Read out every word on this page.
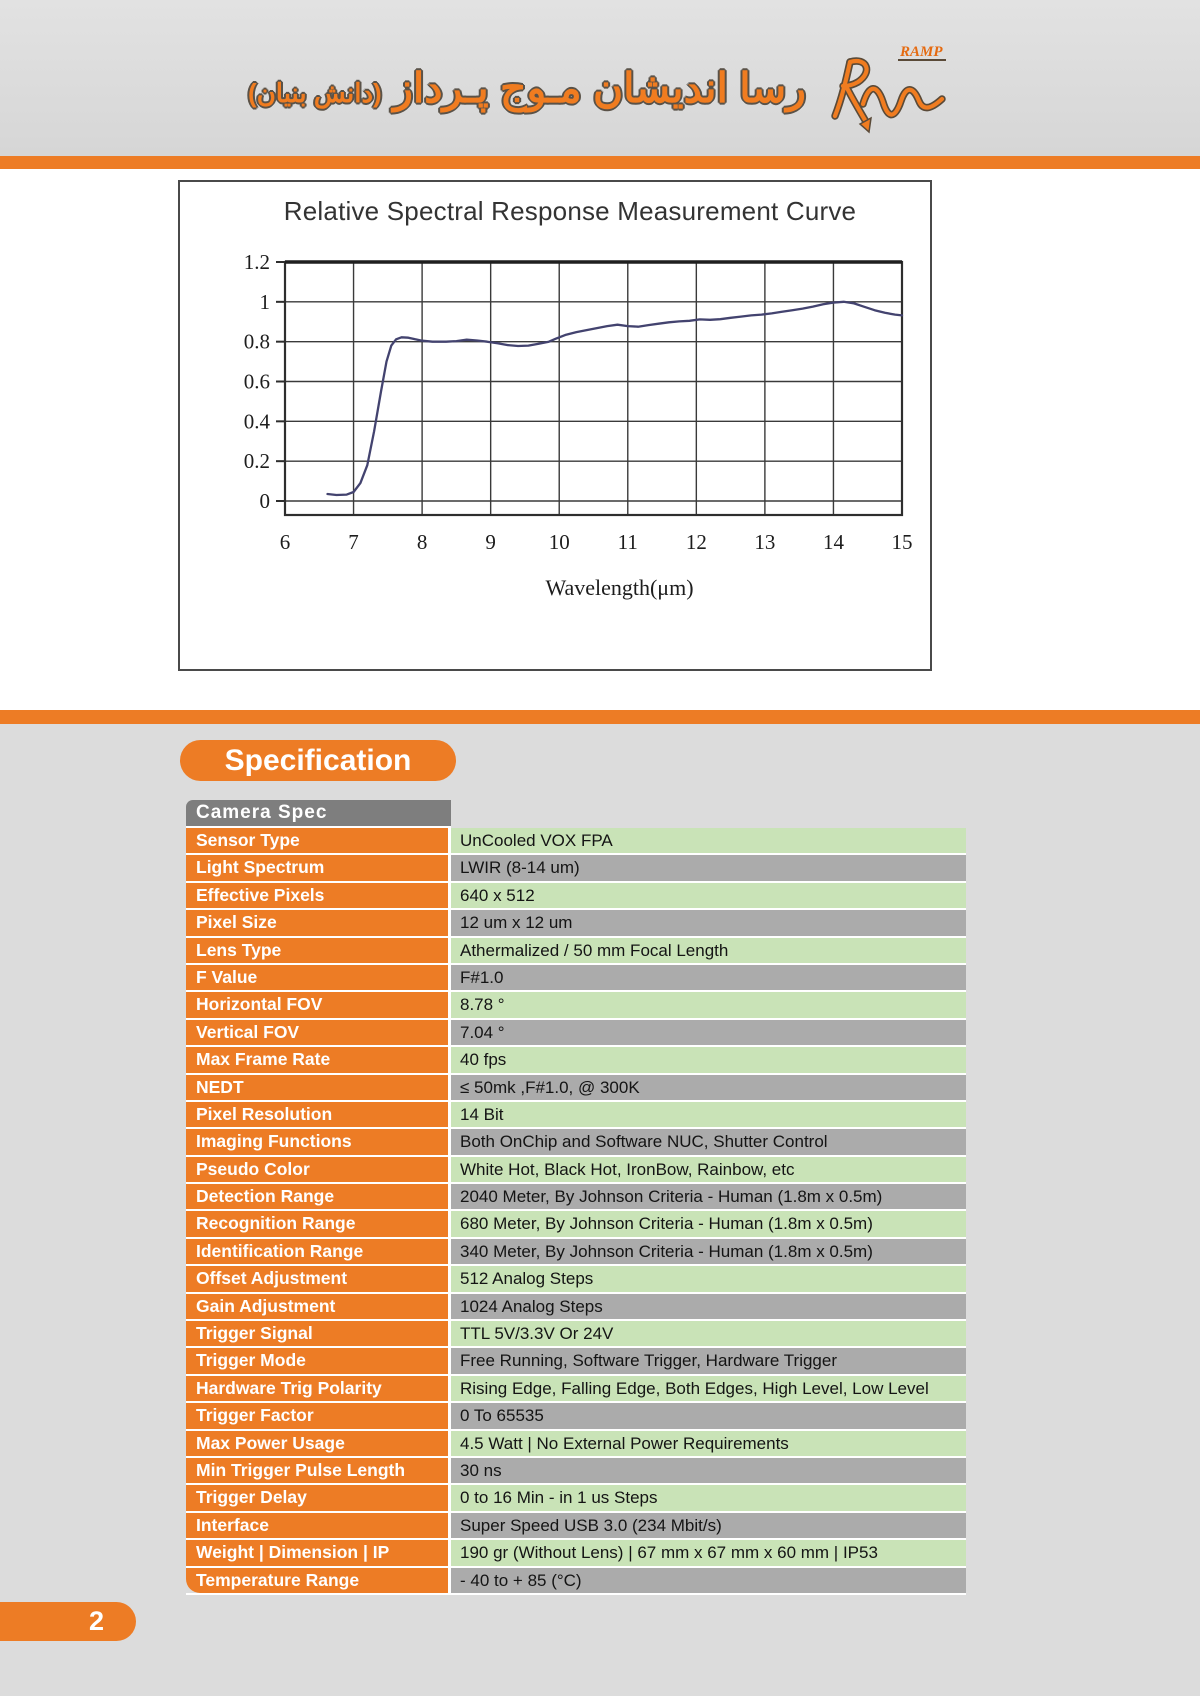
رسا اندیشان مـوج پـرداز (دانش بنیان)
RAMP
Relative Spectral Response Measurement Curve
6	7	8	9	10 11 12 13 14 15
0
0.2
0.4
0.6
0.8
1
1.2
Wavelength(μm)
Specification
Camera Spec
Sensor Type	UnCooled VOX FPA
Light Spectrum	LWIR (8-14 um)
Effective Pixels	640 x 512
Pixel Size	12 um x 12 um
Lens Type	Athermalized / 50 mm Focal Length
F Value	F#1.0
Horizontal FOV	8.78 °
Vertical FOV	7.04 °
Max Frame Rate	40 fps
NEDT	≤ 50mk ,F#1.0, @ 300K
Pixel Resolution	14 Bit
Imaging Functions	Both OnChip and Software NUC, Shutter Control
Pseudo Color	White Hot, Black Hot, IronBow, Rainbow, etc
Detection Range	2040 Meter, By Johnson Criteria - Human (1.8m x 0.5m)
Recognition Range	680 Meter, By Johnson Criteria - Human (1.8m x 0.5m)
Identification Range	340 Meter, By Johnson Criteria - Human (1.8m x 0.5m)
Offset Adjustment	512 Analog Steps
Gain Adjustment	1024 Analog Steps
Trigger Signal	TTL 5V/3.3V Or 24V
Trigger Mode	Free Running, Software Trigger, Hardware Trigger
Hardware Trig Polarity	Rising Edge, Falling Edge, Both Edges, High Level, Low Level
Trigger Factor	0 To 65535
Max Power Usage	4.5 Watt | No External Power Requirements
Min Trigger Pulse Length	30 ns
Trigger Delay	0 to 16 Min - in 1 us Steps
Interface	Super Speed USB 3.0 (234 Mbit/s)
Weight | Dimension | IP	190 gr (Without Lens) | 67 mm x 67 mm x 60 mm | IP53
Temperature Range	- 40 to + 85 (°C)
2
